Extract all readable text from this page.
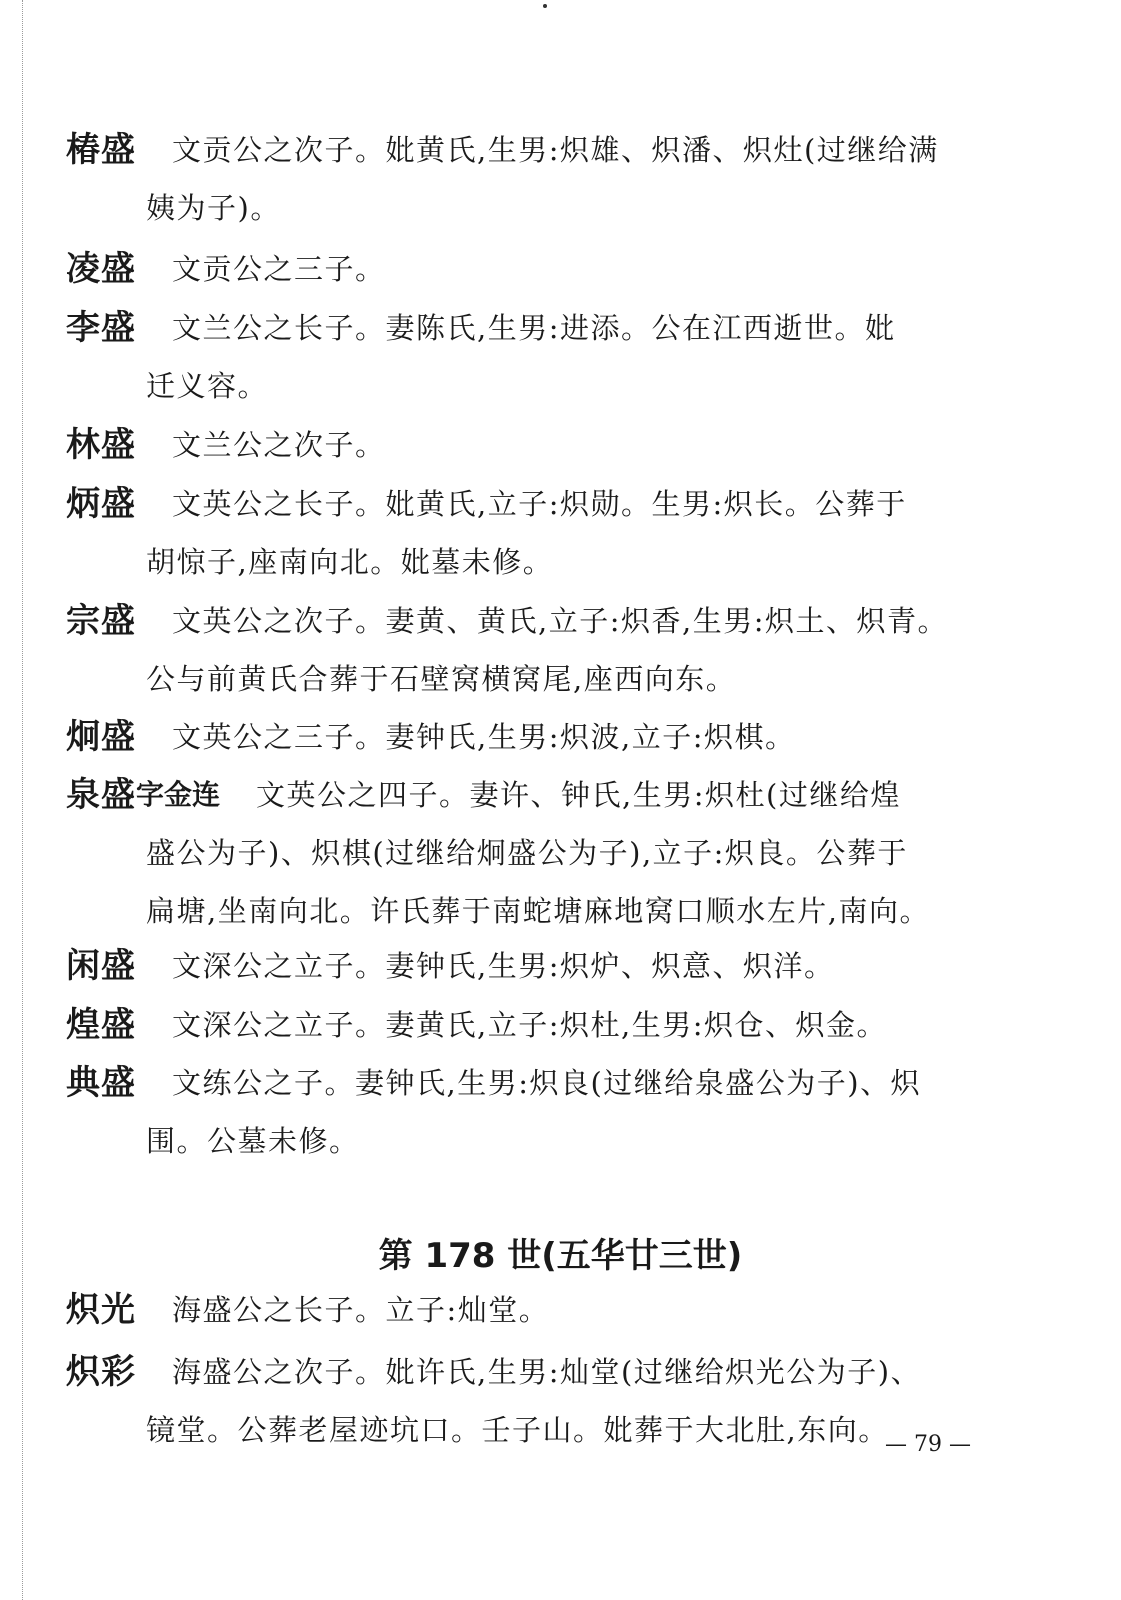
椿盛 文贡公之次子。妣黄氏,生男:炽雄、炽潘、炽灶(过继给满
姨为子)。
凌盛 文贡公之三子。
李盛 文兰公之长子。妻陈氏,生男:进添。公在江西逝世。妣
迁义容。
林盛 文兰公之次子。
炳盛 文英公之长子。妣黄氏,立子:炽勋。生男:炽长。公葬于
胡惊子,座南向北。妣墓未修。
宗盛 文英公之次子。妻黄、黄氏,立子:炽香,生男:炽土、炽青。
公与前黄氏合葬于石壁窝横窝尾,座西向东。
炯盛 文英公之三子。妻钟氏,生男:炽波,立子:炽棋。
泉盛字金连 文英公之四子。妻许、钟氏,生男:炽杜(过继给煌
盛公为子)、炽棋(过继给炯盛公为子),立子:炽良。公葬于
扁塘,坐南向北。许氏葬于南蛇塘麻地窝口顺水左片,南向。
闲盛 文深公之立子。妻钟氏,生男:炽炉、炽意、炽洋。
煌盛 文深公之立子。妻黄氏,立子:炽杜,生男:炽仓、炽金。
典盛 文练公之子。妻钟氏,生男:炽良(过继给泉盛公为子)、炽
围。公墓未修。
第 178 世(五华廿三世)
炽光 海盛公之长子。立子:灿堂。
炽彩 海盛公之次子。妣许氏,生男:灿堂(过继给炽光公为子)、
镜堂。公葬老屋迹坑口。壬子山。妣葬于大北肚,东向。
— 79 —
